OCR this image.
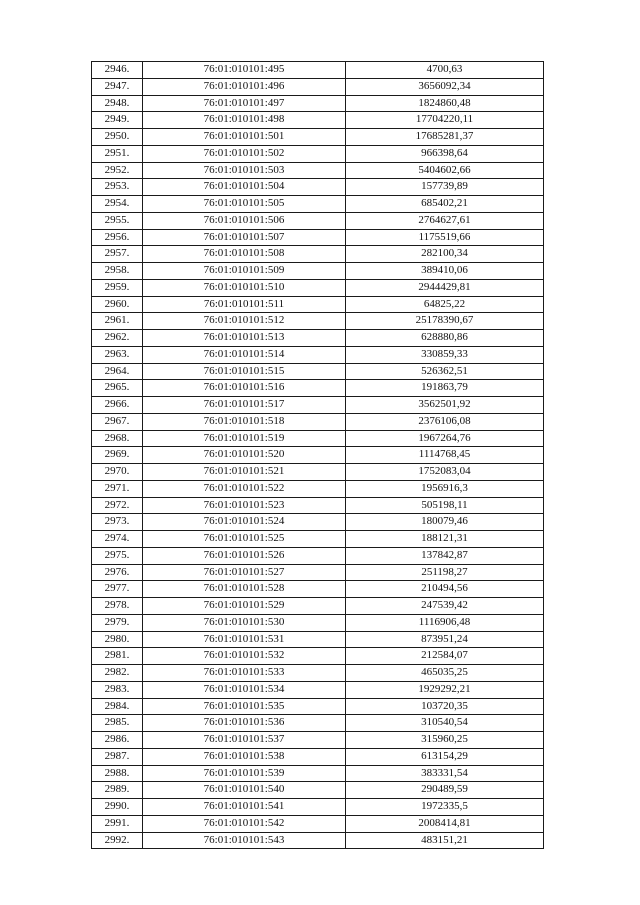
2946.	76:01:010101:495	4700,63
2947.	76:01:010101:496	3656092,34
2948.	76:01:010101:497	1824860,48
2949.	76:01:010101:498	17704220,11
2950.	76:01:010101:501	17685281,37
2951.	76:01:010101:502	966398,64
2952.	76:01:010101:503	5404602,66
2953.	76:01:010101:504	157739,89
2954.	76:01:010101:505	685402,21
2955.	76:01:010101:506	2764627,61
2956.	76:01:010101:507	1175519,66
2957.	76:01:010101:508	282100,34
2958.	76:01:010101:509	389410,06
2959.	76:01:010101:510	2944429,81
2960.	76:01:010101:511	64825,22
2961.	76:01:010101:512	25178390,67
2962.	76:01:010101:513	628880,86
2963.	76:01:010101:514	330859,33
2964.	76:01:010101:515	526362,51
2965.	76:01:010101:516	191863,79
2966.	76:01:010101:517	3562501,92
2967.	76:01:010101:518	2376106,08
2968.	76:01:010101:519	1967264,76
2969.	76:01:010101:520	1114768,45
2970.	76:01:010101:521	1752083,04
2971.	76:01:010101:522	1956916,3
2972.	76:01:010101:523	505198,11
2973.	76:01:010101:524	180079,46
2974.	76:01:010101:525	188121,31
2975.	76:01:010101:526	137842,87
2976.	76:01:010101:527	251198,27
2977.	76:01:010101:528	210494,56
2978.	76:01:010101:529	247539,42
2979.	76:01:010101:530	1116906,48
2980.	76:01:010101:531	873951,24
2981.	76:01:010101:532	212584,07
2982.	76:01:010101:533	465035,25
2983.	76:01:010101:534	1929292,21
2984.	76:01:010101:535	103720,35
2985.	76:01:010101:536	310540,54
2986.	76:01:010101:537	315960,25
2987.	76:01:010101:538	613154,29
2988.	76:01:010101:539	383331,54
2989.	76:01:010101:540	290489,59
2990.	76:01:010101:541	1972335,5
2991.	76:01:010101:542	2008414,81
2992.	76:01:010101:543	483151,21
